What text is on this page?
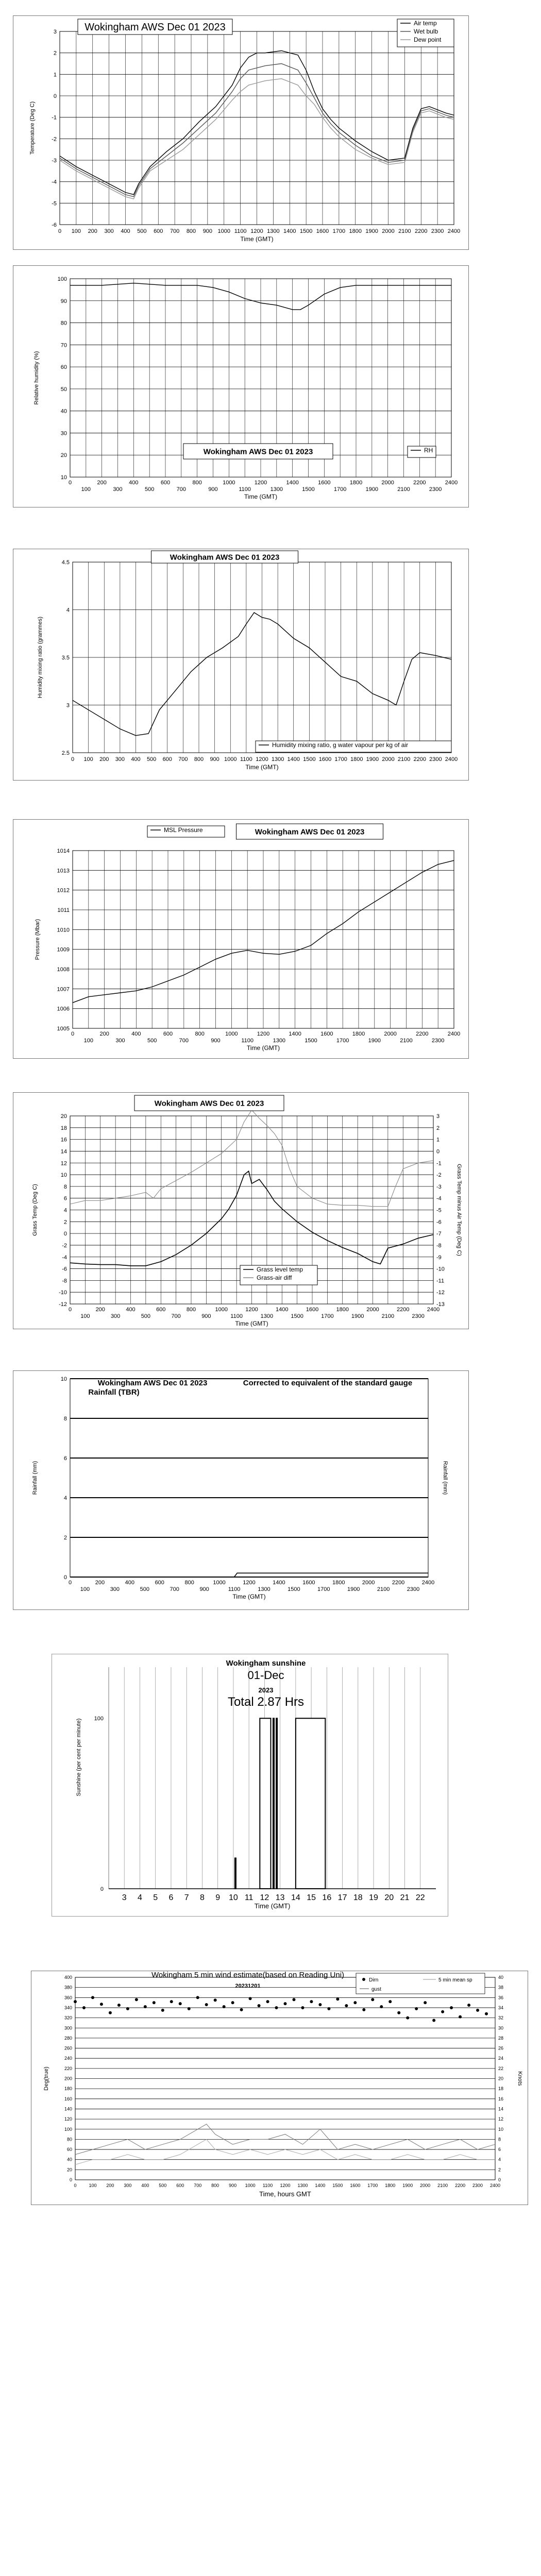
-6
-5
-4
-3
-2
-1
0
1
2
3
0 100 200 300 400 500 600 700 800 900 1000 1100 1200 1300 1400 1500 1600 1700 1800 1900 2000 2100 2200 2300 2400
Time (GMT)
Temperature (Deg C)
Wokingham AWS Dec 01 2023	Air temp
Wet bulb
Dew point
10
20
30
40
50
60
70
80
90
100
0	200	400	600	800	1000	1200	1400	1600	1800	2000	2200	2400
100	300	500	700	900	1100	1300	1500	1700	1900	2100	2300
Time (GMT)
Relative humidity (%)
Wokingham AWS Dec 01 2023	RH
2.5
3
3.5
4
4.5
0 100 200 300 400 500 600 700 800 900 1000 1100 1200 1300 1400 1500 1600 1700 1800 1900 2000 2100 2200 2300 2400
Time (GMT)
Humidity mixing ratio (grammes)
Wokingham AWS Dec 01 2023
Humidity mixing ratio, g water vapour per kg of air
1005
1006
1007
1008
1009
1010
1011
1012
1013
1014
0	200	400	600	800	1000	1200	1400	1600	1800	2000	2200	2400
100	300	500	700	900	1100	1300	1500	1700	1900	2100	2300
Time (GMT)
Pressure (Mbar)
MSL Pressure	Wokingham AWS Dec 01 2023
-12
-10
-8
-6
-4
-2
0
2
4
6
8
10
12
14
16
18
20
-13
-12
-11
-10
-9
-8
-7
-6
-5
-4
-3
-2
-1
0
1
2
3
0	200	400	600	800	1000	1200	1400	1600	1800	2000	2200	2400
100	300	500	700	900	1100	1300	1500	1700	1900	2100	2300
Time (GMT)
Grass Temp (Deg C)	Grass Temp minus Air Temp (Deg C)
Wokingham AWS Dec 01 2023
Grass level temp
Grass-air diff
0
2
4
6
8
10
0	200	400	600	800	1000	1200	1400	1600	1800	2000	2200	2400
100	300	500	700	900	1100	1300	1500	1700	1900	2100	2300
Time (GMT)
Rainfall (mm)	Rainfall (mm)
Wokingham AWS Dec 01 2023
Rainfall (TBR)
Corrected to equivalent of the standard gauge
3 4 5 6 7 8 9 10 11 12 13 14 15 16 17 18 19 20 21 22
0
100
Sunshine (per cent per minute)
Time (GMT)
Wokingham sunshine
01-Dec
2023
Total 2.87 Hrs
0
20
40
60
80
100
120
140
160
180
200
220
240
260
280
300
320
340
360
380
400
0
2
4
6
8
10
12
14
16
18
20
22
24
26
28
30
32
34
36
38
40
0	100 200 300 400 500 600 700 800 900 1000 1100 1200 1300 1400 1500 1600 1700 1800 1900 2000 2100 2200 2300 2400
Time, hours GMT
Deg(true)	Knots
Wokingham 5 min wind estimate(based on Reading Uni)
20231201
Dirn	5 min mean sp
gust
